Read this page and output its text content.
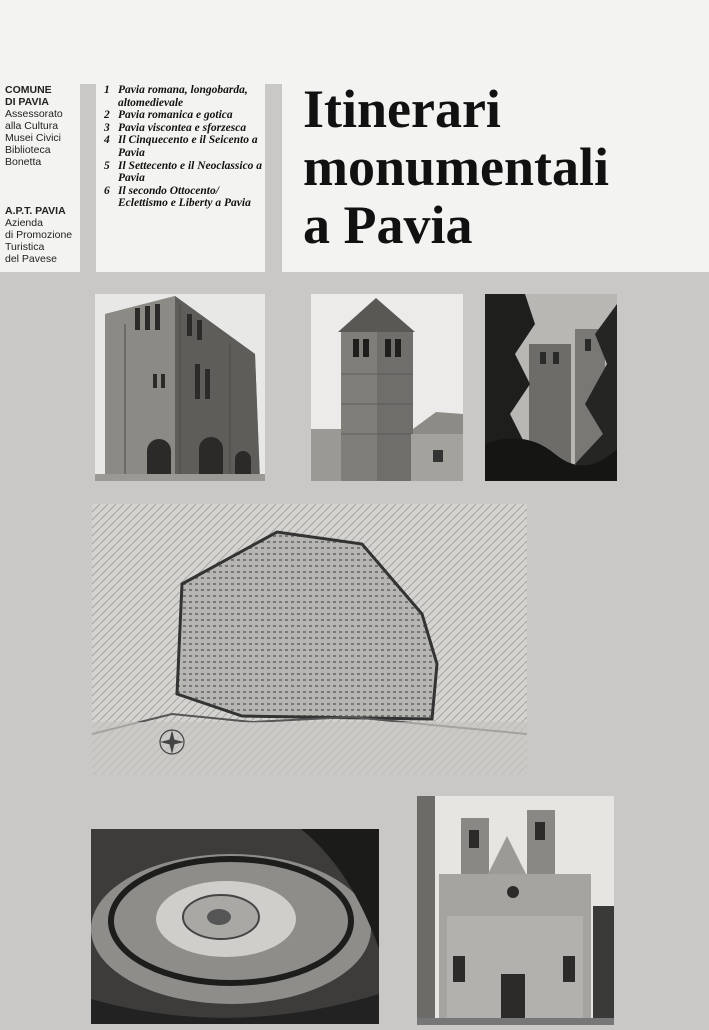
COMUNE
DI PAVIA
Assessorato
alla Cultura
Musei Civici
Biblioteca
Bonetta
A.P.T. PAVIA
Azienda
di Promozione
Turistica
del Pavese
1 Pavia romana, longobarda, altomedievale
2 Pavia romanica e gotica
3 Pavia viscontea e sforzesca
4 Il Cinquecento e il Seicento a Pavia
5 Il Settecento e il Neoclassico a Pavia
6 Il secondo Ottocento/ Eclettismo e Liberty a Pavia
Itinerari
monumentali
a Pavia
